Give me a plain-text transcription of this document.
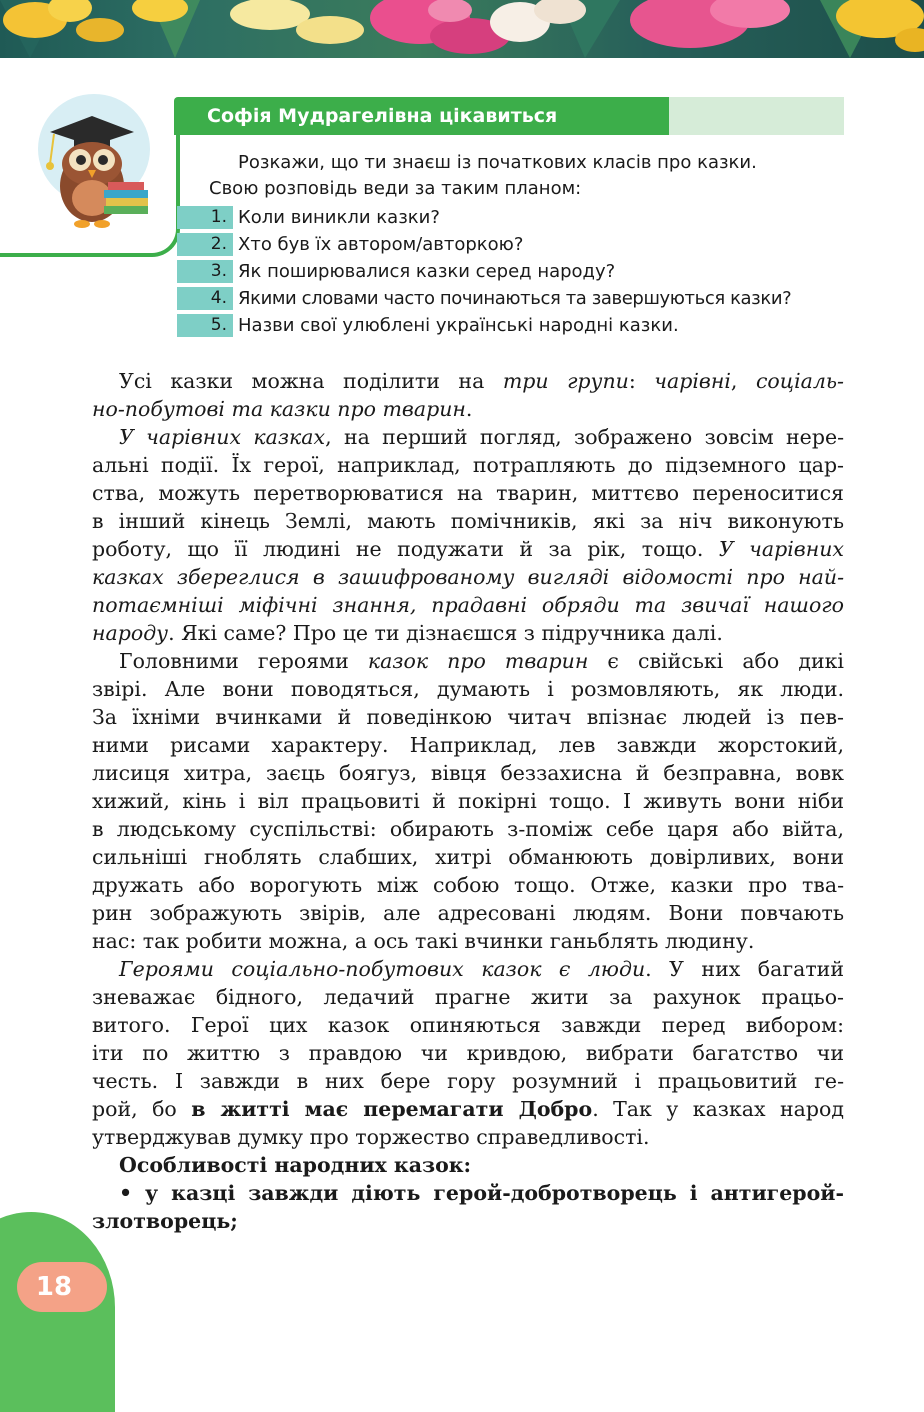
Софія Мудрагелівна цікавиться
Розкажи, що ти знаєш із початкових класів про казки.
Свою розповідь веди за таким планом:
1. Коли виникли казки?
2. Хто був їх автором/авторкою?
3. Як поширювалися казки серед народу?
4. Якими словами часто починаються та завершуються казки?
5. Назви свої улюблені українські народні казки.
Усі казки можна поділити на три групи: чарівні, соціаль-
но-побутові та казки про тварин.
У чарівних казках, на перший погляд, зображено зовсім нере-
альні події. Їх герої, наприклад, потрапляють до підземного цар-
ства, можуть перетворюватися на тварин, миттєво переноситися
в інший кінець Землі, мають помічників, які за ніч виконують
роботу, що її людині не подужати й за рік, тощо. У чарівних
казках збереглися в зашифрованому вигляді відомості про най-
потаємніші міфічні знання, прадавні обряди та звичаї нашого
народу. Які саме? Про це ти дізнаєшся з підручника далі.
Головними героями казок про тварин є свійські або дикі
звірі. Але вони поводяться, думають і розмовляють, як люди.
За їхніми вчинками й поведінкою читач впізнає людей із пев-
ними рисами характеру. Наприклад, лев завжди жорстокий,
лисиця хитра, заєць боягуз, вівця беззахисна й безправна, вовк
хижий, кінь і віл працьовиті й покірні тощо. І живуть вони ніби
в людському суспільстві: обирають з-поміж себе царя або війта,
сильніші гноблять слабших, хитрі обманюють довірливих, вони
дружать або ворогують між собою тощо. Отже, казки про тва-
рин зображують звірів, але адресовані людям. Вони повчають
нас: так робити можна, а ось такі вчинки ганьблять людину.
Героями соціально-побутових казок є люди. У них багатий
зневажає бідного, ледачий прагне жити за рахунок працьо-
витого. Герої цих казок опиняються завжди перед вибором:
іти по життю з правдою чи кривдою, вибрати багатство чи
честь. І завжди в них бере гору розумний і працьовитий ге-
рой, бо в житті має перемагати Добро. Так у казках народ
утверджував думку про торжество справедливості.
Особливості народних казок:
• у казці завжди діють герой-добротворець і антигерой-
злотворець;
18
